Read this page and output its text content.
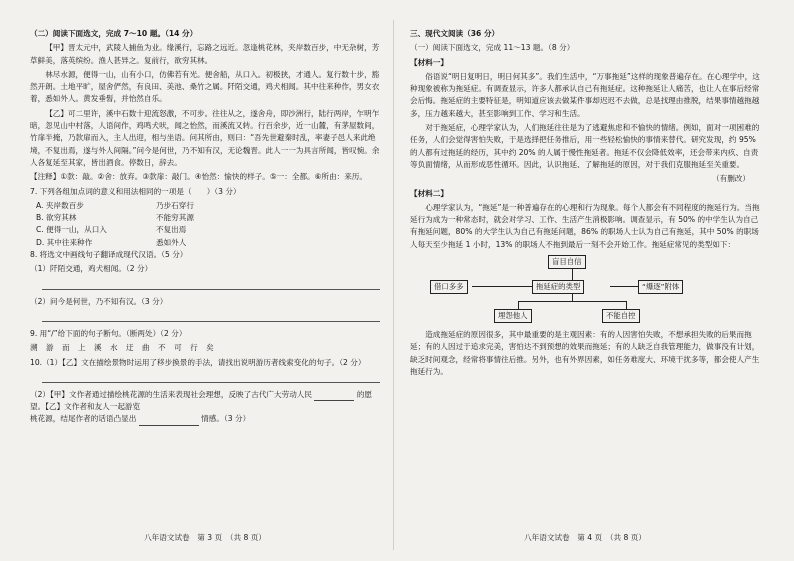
（二）阅读下面选文，完成 7～10 题。（14 分）

【甲】晋太元中，武陵人捕鱼为业。缘溪行，忘路之远近。忽逢桃花林，夹岸数百步，中无杂树，芳草鲜美，落英缤纷。渔人甚异之。复前行，欲穷其林。

林尽水源，便得一山，山有小口，仿佛若有光。便舍船，从口入。初极狭，才通人。复行数十步，豁然开朗。土地平旷，屋舍俨然，有良田、美池、桑竹之属。阡陌交通，鸡犬相闻。其中往来种作，男女衣着，悉如外人。黄发垂髫，并怡然自乐。

【乙】可二里许，溪中石数十迎流怒激，不可步。往往从之，遂舍舟，即沙洲行，陆行两岸，乍明乍暗，忽见山中村落，人语间作，鸡鸣犬吠，闻之怡然，而溪流又转。行百余步，近一山麓，有茅屋数间，竹扉半掩，乃款扉而入，主人出迎，相与坐语。问其所由，则曰：“吾先世避秦时乱，率妻子邑人来此绝境，不复出焉，遂与外人间隔。”问今是何世，乃不知有汉，无论魏晋。此人一一为具言所闻，皆叹惋。余人各复延至其家，皆出酒食。停数日，辞去。

【注释】①款：敲。②舍：放弃。③款扉：敲门。④怡然：愉快的样子。⑤一：全都。⑥所由：来历。

7. 下列各组加点词的意义和用法相同的一项是（　　）（3 分）

A. 夹岸数百步	乃步石穿行
B. 欲穷其林	不能穷其源
C. 便得一山，从口入	不复出焉
D. 其中往来种作	悉如外人

8. 将选文中画线句子翻译成现代汉语。（5 分）

（1）阡陌交通，鸡犬相闻。（2 分）

（2）问今是何世，乃不知有汉。（3 分）

9. 用“/”给下面的句子断句。（断两处）（2 分）

溯 游 而 上 溪 水 迂 曲 不 可 行 矣

10.（1）【乙】文在描绘景物时运用了移步换景的手法，请找出说明游历者线索变化的句子。（2 分）

（2）【甲】文作者通过描绘桃花源的生活来表现社会理想，反映了古代广大劳动人民	的愿望。【乙】文作者和友人一起游览
桃花源，结尾作者的话语凸显出	情感。（3 分）

八年语文试卷　第 3 页　（共 8 页）

三、现代文阅读（36 分）

（一）阅读下面选文，完成 11～13 题。（8 分）

【材料一】

俗语说“明日复明日，明日何其多”。我们生活中，“万事拖延”这样的现象普遍存在。在心理学中，这种现象被称为拖延症。有调查显示，许多人都承认自己有拖延症。这种拖延让人痛苦，也让人在事后经常会后悔。拖延症的主要特征是，明知道应该去做某件事却迟迟不去做，总是找理由推脱，结果事情越拖越多，压力越来越大，甚至影响到工作、学习和生活。

对于拖延症，心理学家认为，人们拖延往往是为了逃避焦虑和不愉快的情绪。例如，面对一项困难的任务，人们会觉得害怕失败，于是选择把任务推后，用一些轻松愉快的事情来替代。研究发现，约 95% 的人都有过拖延的经历，其中约 20% 的人属于慢性拖延者。拖延不仅会降低效率，还会带来内疚、自责等负面情绪，从而形成恶性循环。因此，认识拖延、了解拖延的原因，对于我们克服拖延至关重要。

（有删改）

【材料二】

心理学家认为，“拖延”是一种普遍存在的心理和行为现象。每个人都会有不同程度的拖延行为。当拖延行为成为一种常态时，就会对学习、工作、生活产生消极影响。调查显示，有 50% 的中学生认为自己有拖延问题，80% 的大学生认为自己有拖延问题，86% 的职场人士认为自己有拖延，其中 50% 的职场人每天至少拖延 1 小时，13% 的职场人不拖到最后一刻不会开始工作。拖延症常见的类型如下：

盲目自信
借口多多	拖延症的类型	“爆逐”附体
埋怨他人	不能自控

造成拖延症的原因很多，其中最重要的是主观因素：有的人因害怕失败，不想承担失败的后果而拖延；有的人因过于追求完美，害怕达不到预想的效果而拖延；有的人缺乏自我管理能力，做事没有计划，缺乏时间观念，经常将事情往后推。另外，也有外界因素，如任务难度大、环境干扰多等，都会使人产生拖延行为。

八年语文试卷　第 4 页　（共 8 页）
